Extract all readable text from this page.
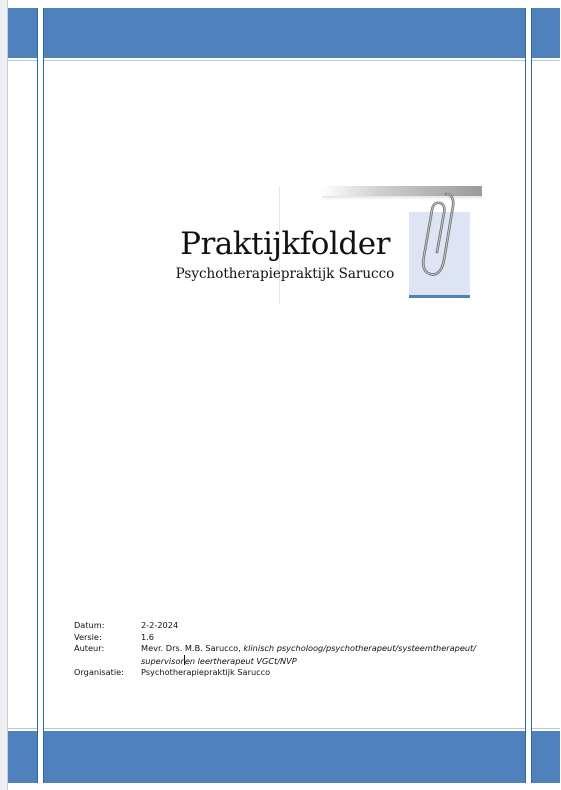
Praktijkfolder
Psychotherapiepraktijk Sarucco
Datum:	2-2-2024
Versie:	1.6
Auteur:	Mevr. Drs. M.B. Sarucco, klinisch psycholoog/psychotherapeut/systeemtherapeut/
supervisoren leertherapeut VGCt/NVP
Organisatie:	Psychotherapiepraktijk Sarucco
